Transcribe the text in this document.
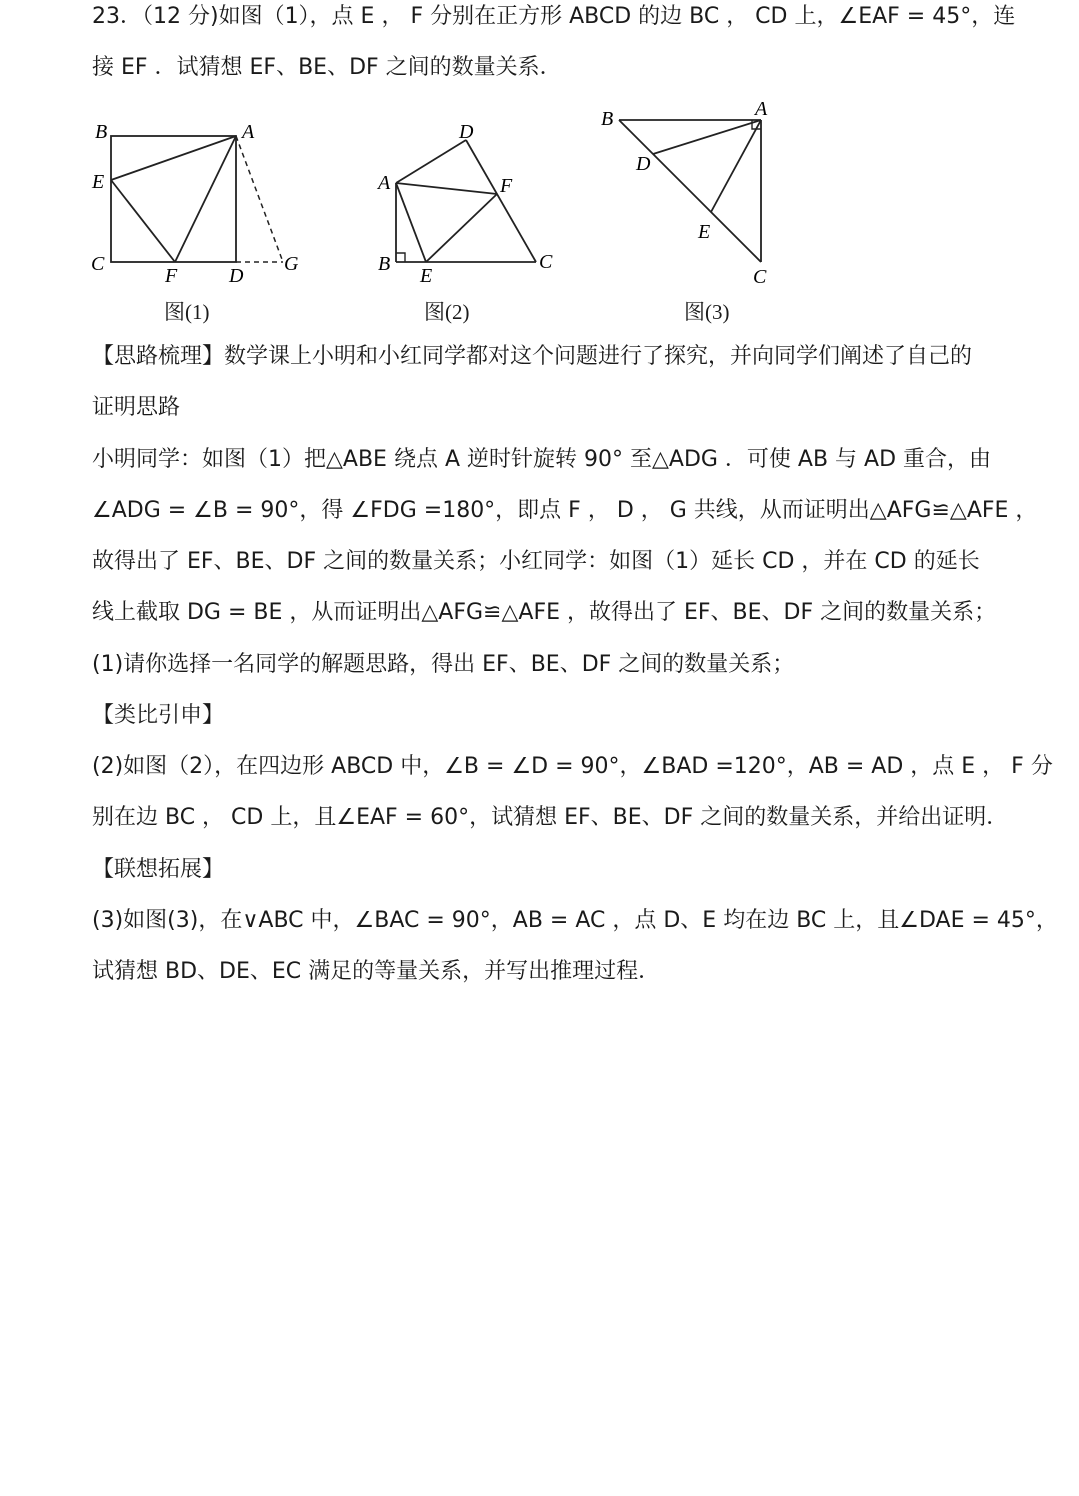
23．（12 分)如图（1），点 E ， F 分别在正方形 ABCD 的边 BC ， CD 上，∠EAF = 45°，连
接 EF ．试猜想 EF、BE、DF 之间的数量关系．
B	A
E
C
F	D
G
图(1)
D
A	F
B
E
C
图(2)
B	A
D
E
C
图(3)
【思路梳理】数学课上小明和小红同学都对这个问题进行了探究，并向同学们阐述了自己的
证明思路
小明同学：如图（1）把△ABE 绕点 A 逆时针旋转 90° 至△ADG ．可使 AB 与 AD 重合，由
∠ADG = ∠B = 90°，得 ∠FDG =180°，即点 F ， D ， G 共线，从而证明出△AFG≌△AFE ，
故得出了 EF、BE、DF 之间的数量关系；小红同学：如图（1）延长 CD ，并在 CD 的延长
线上截取 DG = BE ，从而证明出△AFG≌△AFE ，故得出了 EF、BE、DF 之间的数量关系；
(1)请你选择一名同学的解题思路，得出 EF、BE、DF 之间的数量关系；
【类比引申】
(2)如图（2），在四边形 ABCD 中，∠B = ∠D = 90°，∠BAD =120°，AB = AD ，点 E ， F 分
别在边 BC ， CD 上，且∠EAF = 60°，试猜想 EF、BE、DF 之间的数量关系，并给出证明．
【联想拓展】
(3)如图(3)，在∨ABC 中，∠BAC = 90°，AB = AC ，点 D、E 均在边 BC 上，且∠DAE = 45°，
试猜想 BD、DE、EC 满足的等量关系，并写出推理过程．
